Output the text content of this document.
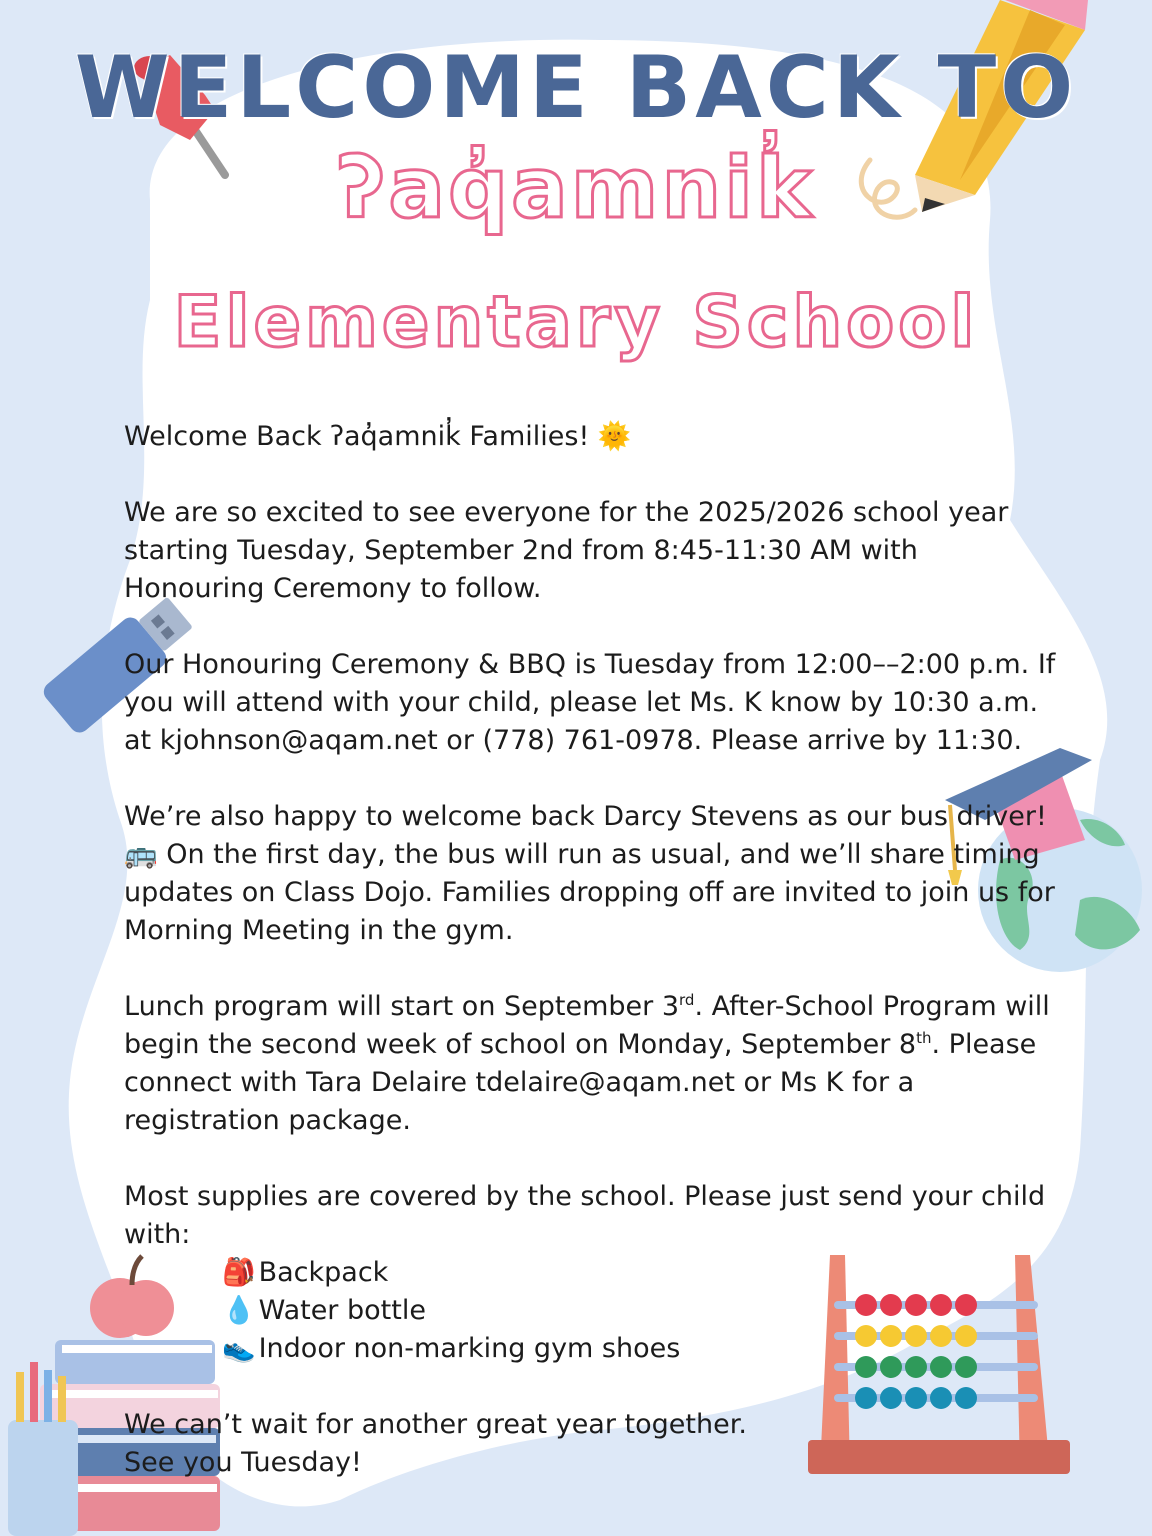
WELCOME BACK TO
ʔaq̓amnik̓
Elementary School

Welcome Back ʔaq̓amnik̓ Families! 🌞

We are so excited to see everyone for the 2025/2026 school year starting Tuesday, September 2nd from 8:45-11:30 AM with Honouring Ceremony to follow.

Our Honouring Ceremony & BBQ is Tuesday from 12:00––2:00 p.m. If you will attend with your child, please let Ms. K know by 10:30 a.m. at kjohnson@aqam.net or (778) 761-0978. Please arrive by 11:30.

We’re also happy to welcome back Darcy Stevens as our bus driver!
🚌 On the first day, the bus will run as usual, and we’ll share timing updates on Class Dojo. Families dropping off are invited to join us for Morning Meeting in the gym.

Lunch program will start on September 3rd. After-School Program will begin the second week of school on Monday, September 8th. Please connect with Tara Delaire tdelaire@aqam.net or Ms K for a registration package.

Most supplies are covered by the school. Please just send your child with:

🎒 Backpack
💧 Water bottle
👟 Indoor non-marking gym shoes

We can’t wait for another great year together.
See you Tuesday!
